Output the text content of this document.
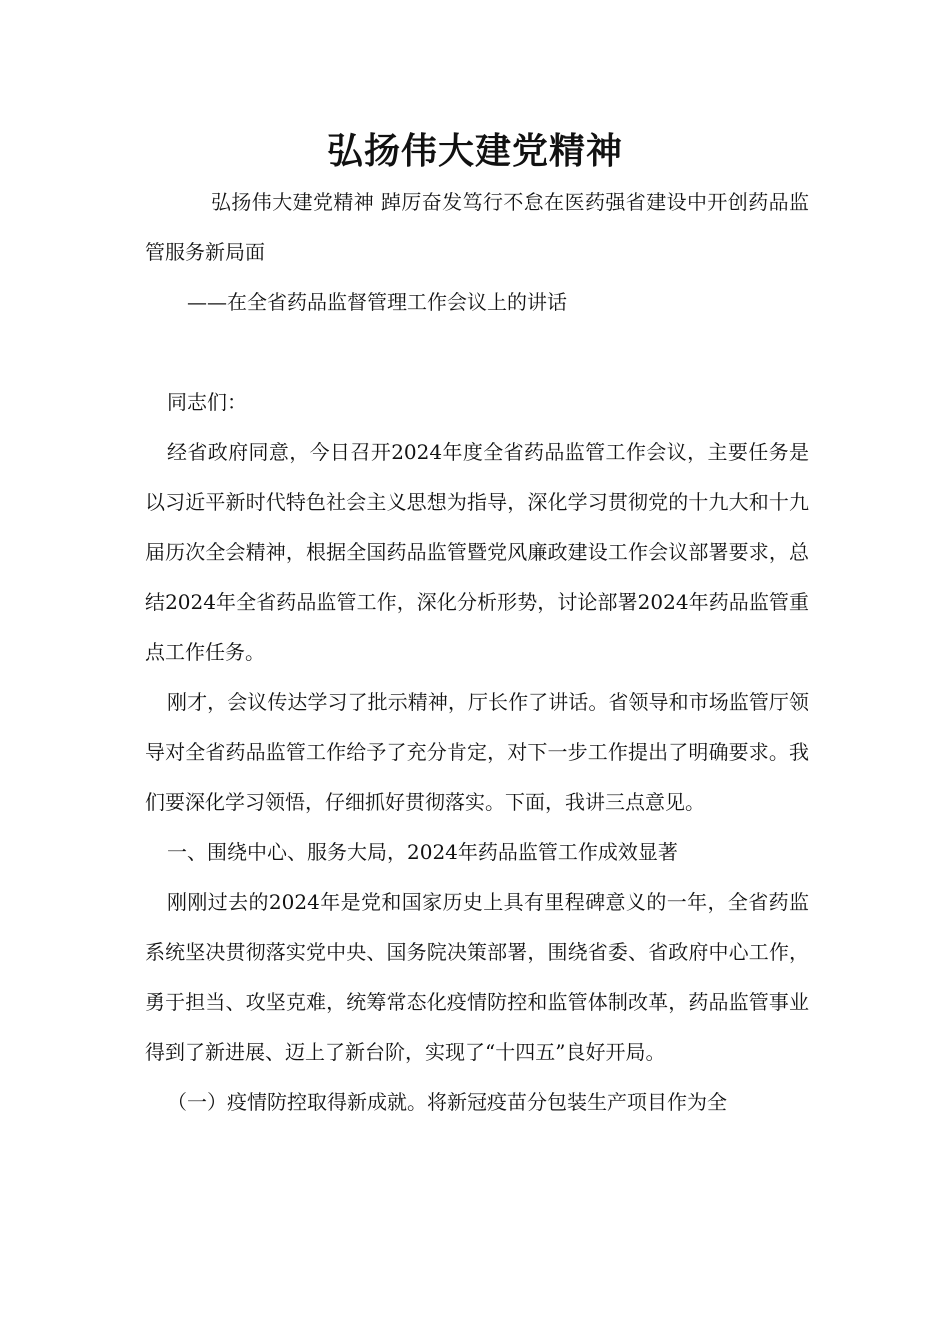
弘扬伟大建党精神

弘扬伟大建党精神 踔厉奋发笃行不怠在医药强省建设中开创药品监管服务新局面

——在全省药品监督管理工作会议上的讲话

同志们：

经省政府同意，今日召开2024年度全省药品监管工作会议，主要任务是以习近平新时代特色社会主义思想为指导，深化学习贯彻党的十九大和十九届历次全会精神，根据全国药品监管暨党风廉政建设工作会议部署要求，总结2024年全省药品监管工作，深化分析形势，讨论部署2024年药品监管重点工作任务。

刚才，会议传达学习了批示精神，厅长作了讲话。省领导和市场监管厅领导对全省药品监管工作给予了充分肯定，对下一步工作提出了明确要求。我们要深化学习领悟，仔细抓好贯彻落实。下面，我讲三点意见。

一、围绕中心、服务大局，2024年药品监管工作成效显著

刚刚过去的2024年是党和国家历史上具有里程碑意义的一年，全省药监系统坚决贯彻落实党中央、国务院决策部署，围绕省委、省政府中心工作，勇于担当、攻坚克难，统筹常态化疫情防控和监管体制改革，药品监管事业得到了新进展、迈上了新台阶，实现了“十四五”良好开局。

（一）疫情防控取得新成就。将新冠疫苗分包装生产项目作为全
